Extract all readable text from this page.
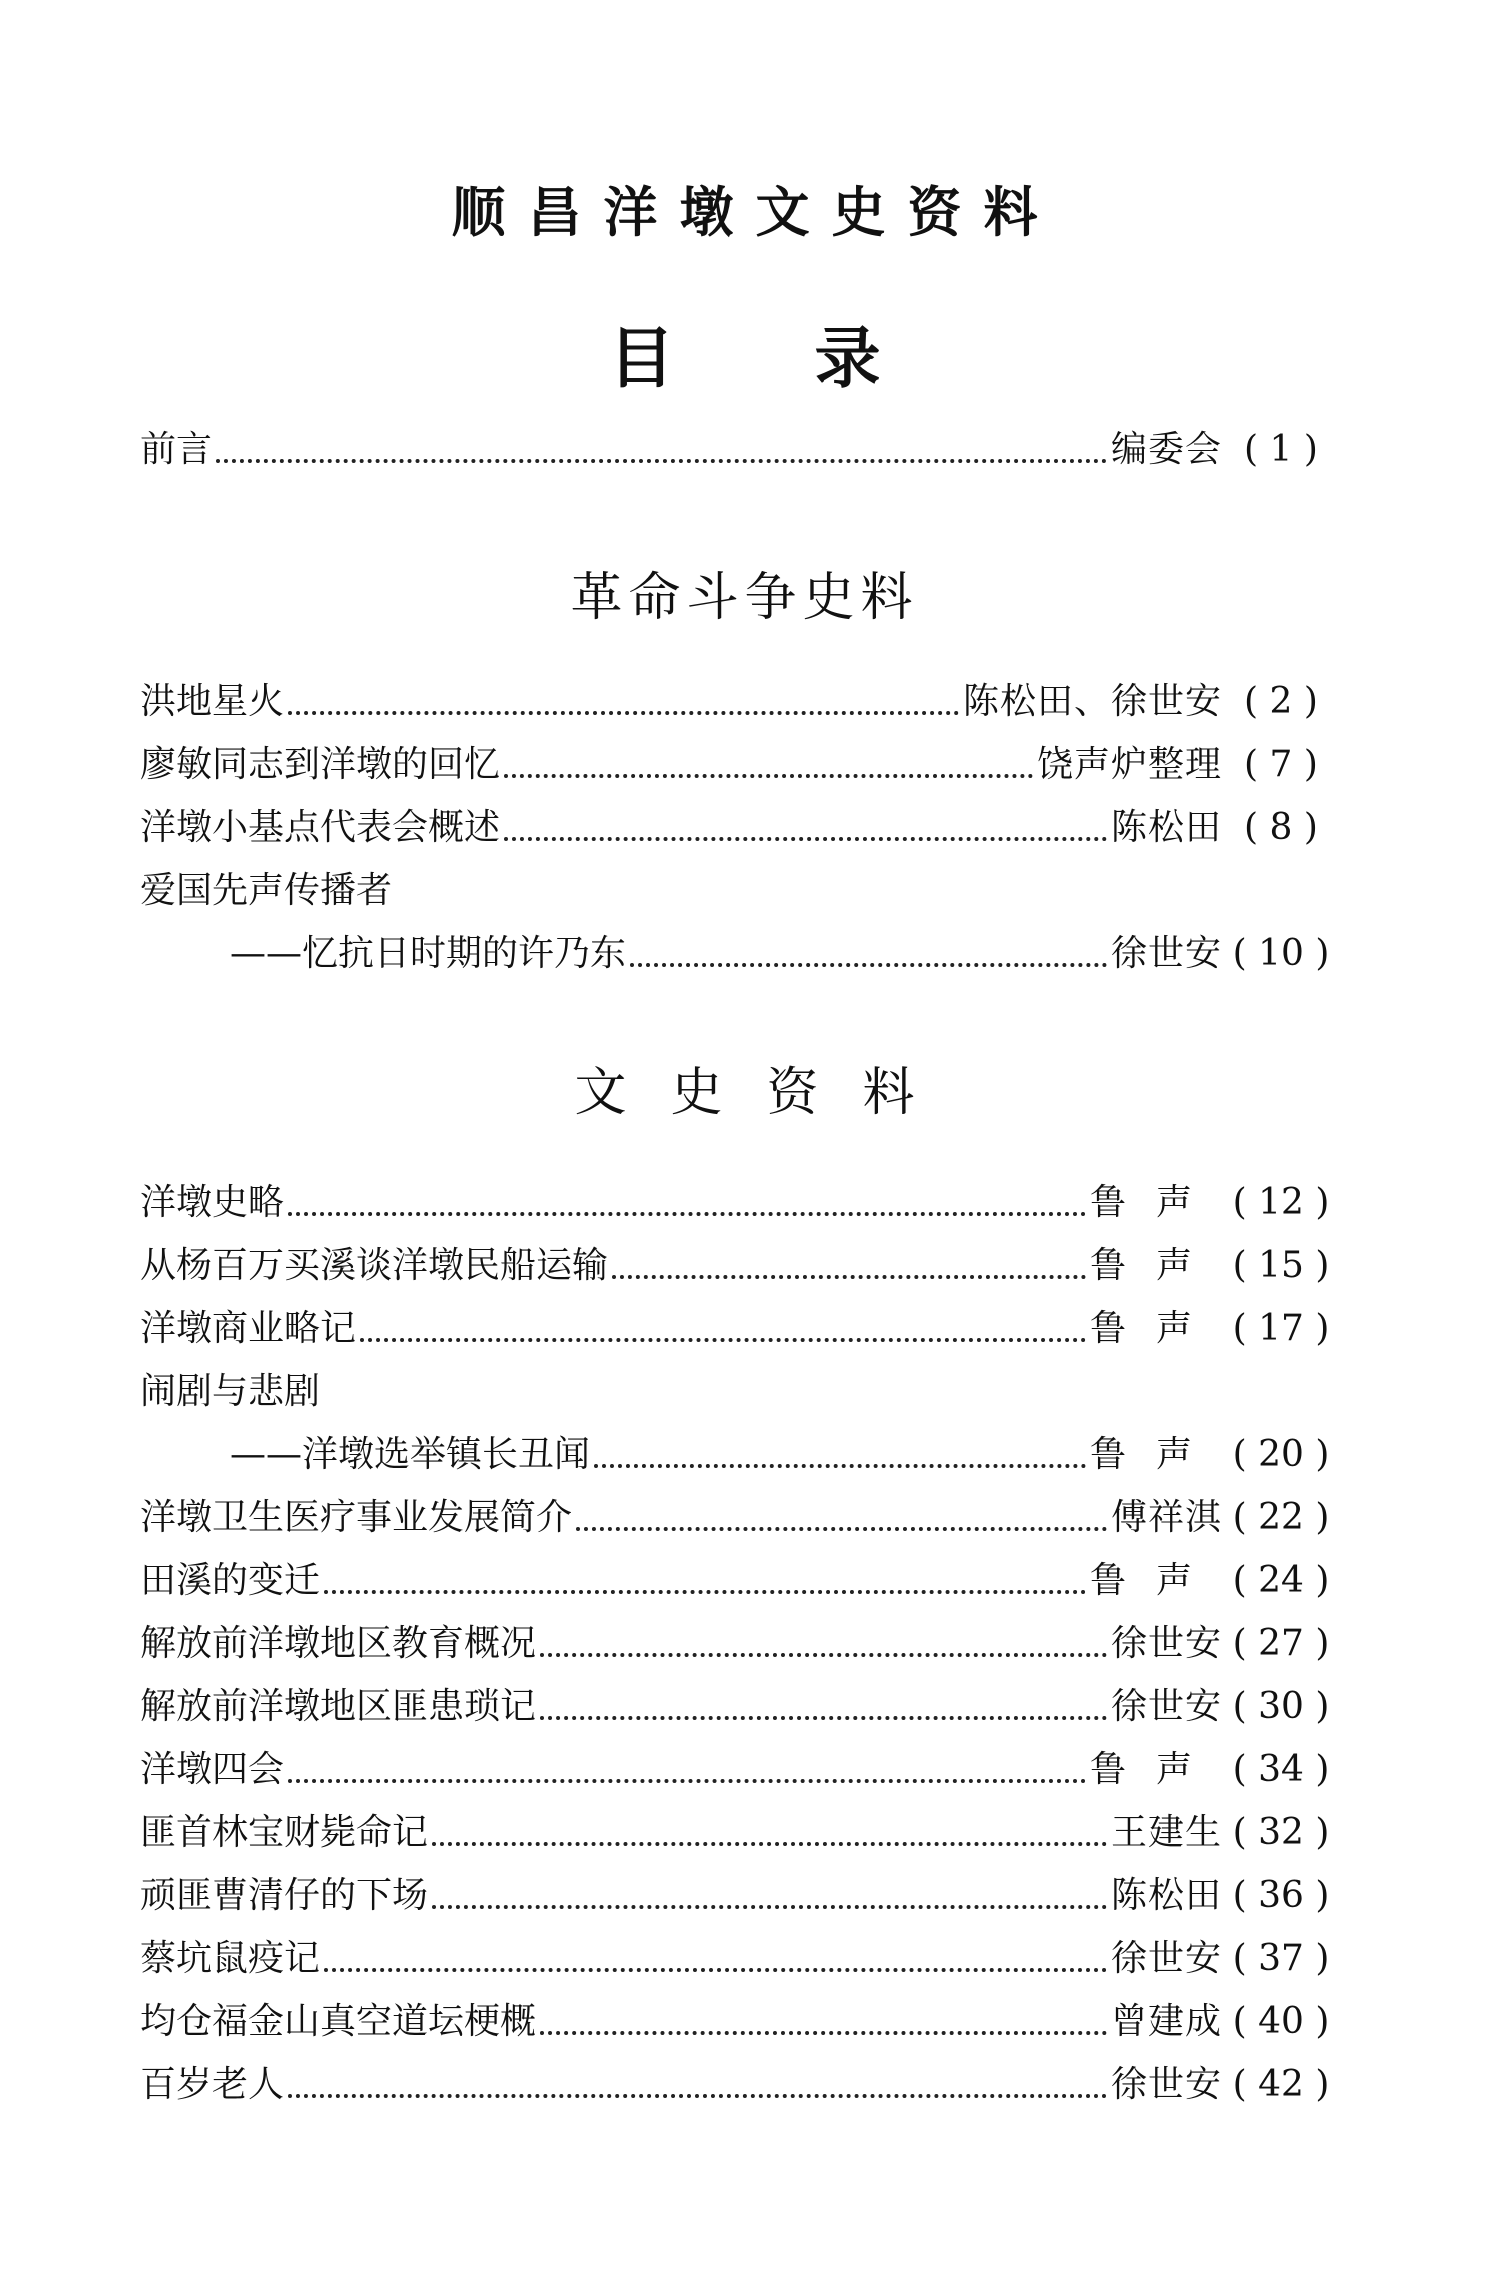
顺昌洋墩文史资料
目录
前言	编委会 ( 1 )
革命斗争史料
洪地星火	陈松田、徐世安 ( 2 )
廖敏同志到洋墩的回忆	饶声炉整理 ( 7 )
洋墩小基点代表会概述	陈松田 ( 8 )
爱国先声传播者
——忆抗日时期的许乃东	徐世安 ( 10 )
文史资料
洋墩史略	鲁声 ( 12 )
从杨百万买溪谈洋墩民船运输	鲁声 ( 15 )
洋墩商业略记	鲁声 ( 17 )
闹剧与悲剧
——洋墩选举镇长丑闻	鲁声 ( 20 )
洋墩卫生医疗事业发展简介	傅祥淇 ( 22 )
田溪的变迁	鲁声 ( 24 )
解放前洋墩地区教育概况	徐世安 ( 27 )
解放前洋墩地区匪患琐记	徐世安 ( 30 )
洋墩四会	鲁声 ( 34 )
匪首林宝财毙命记	王建生 ( 32 )
顽匪曹清仔的下场	陈松田 ( 36 )
蔡坑鼠疫记	徐世安 ( 37 )
均仓福金山真空道坛梗概	曾建成 ( 40 )
百岁老人	徐世安 ( 42 )
